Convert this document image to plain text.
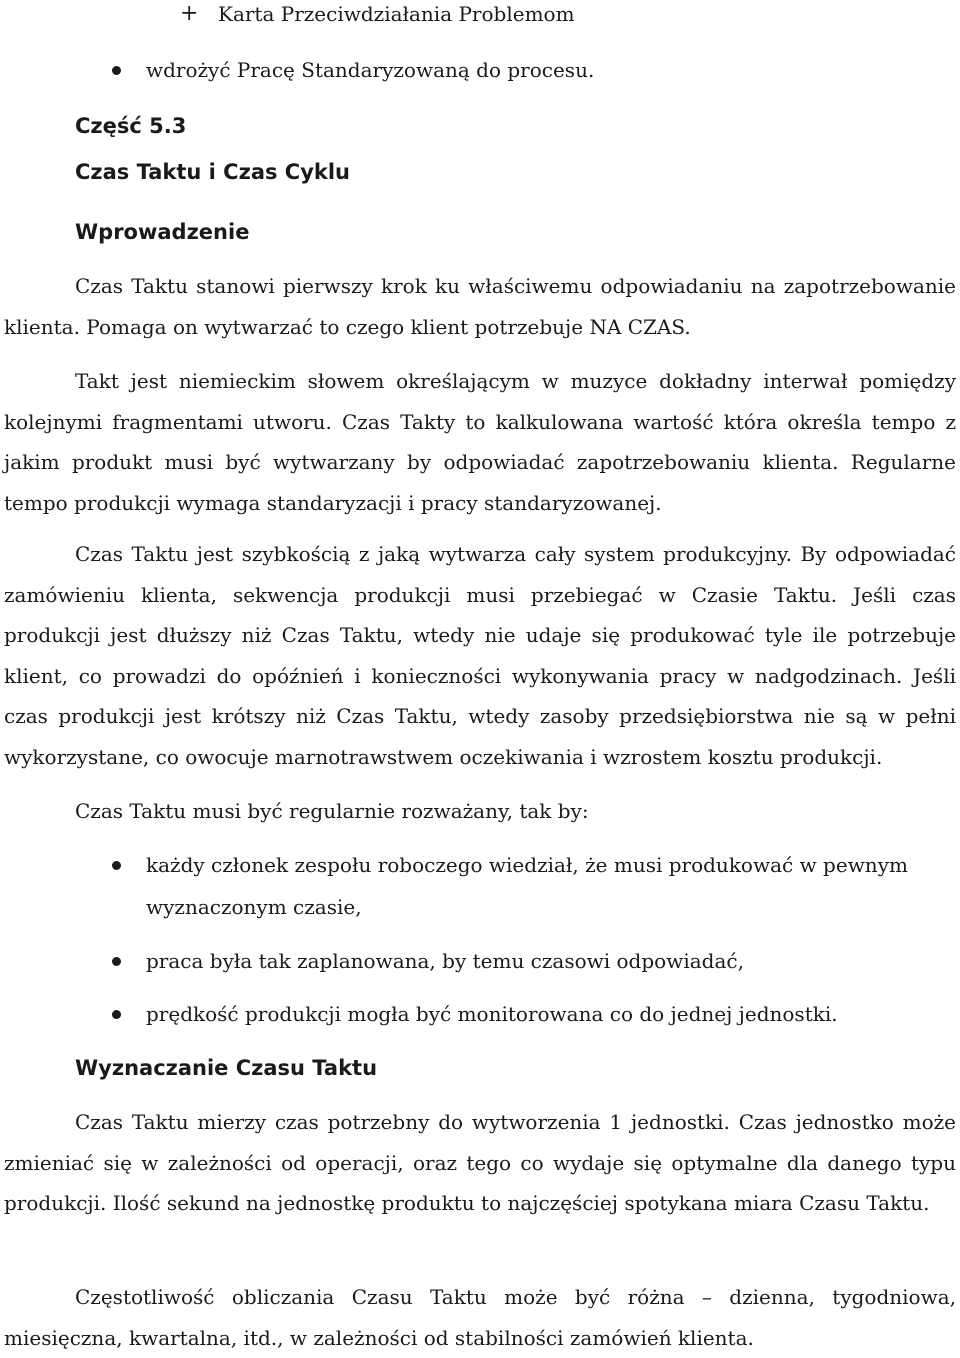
+ Karta Przeciwdziałania Problemom
wdrożyć Pracę Standaryzowaną do procesu.
Część 5.3
Czas Taktu i Czas Cyklu
Wprowadzenie

Czas Taktu stanowi pierwszy krok ku właściwemu odpowiadaniu na zapotrzebowanie klienta. Pomaga on wytwarzać to czego klient potrzebuje NA CZAS.

Takt jest niemieckim słowem określającym w muzyce dokładny interwał pomiędzy kolejnymi fragmentami utworu. Czas Takty to kalkulowana wartość która określa tempo z jakim produkt musi być wytwarzany by odpowiadać zapotrzebowaniu klienta. Regularne tempo produkcji wymaga standaryzacji i pracy standaryzowanej.

Czas Taktu jest szybkością z jaką wytwarza cały system produkcyjny. By odpowiadać zamówieniu klienta, sekwencja produkcji musi przebiegać w Czasie Taktu. Jeśli czas produkcji jest dłuższy niż Czas Taktu, wtedy nie udaje się produkować tyle ile potrzebuje klient, co prowadzi do opóźnień i konieczności wykonywania pracy w nadgodzinach. Jeśli czas produkcji jest krótszy niż Czas Taktu, wtedy zasoby przedsiębiorstwa nie są w pełni wykorzystane, co owocuje marnotrawstwem oczekiwania i wzrostem kosztu produkcji.

Czas Taktu musi być regularnie rozważany, tak by:

każdy członek zespołu roboczego wiedział, że musi produkować w pewnym wyznaczonym czasie,

praca była tak zaplanowana, by temu czasowi odpowiadać,

prędkość produkcji mogła być monitorowana co do jednej jednostki.

Wyznaczanie Czasu Taktu

Czas Taktu mierzy czas potrzebny do wytworzenia 1 jednostki. Czas jednostko może zmieniać się w zależności od operacji, oraz tego co wydaje się optymalne dla danego typu produkcji. Ilość sekund na jednostkę produktu to najczęściej spotykana miara Czasu Taktu.

Częstotliwość obliczania Czasu Taktu może być różna – dzienna, tygodniowa, miesięczna, kwartalna, itd., w zależności od stabilności zamówień klienta.
